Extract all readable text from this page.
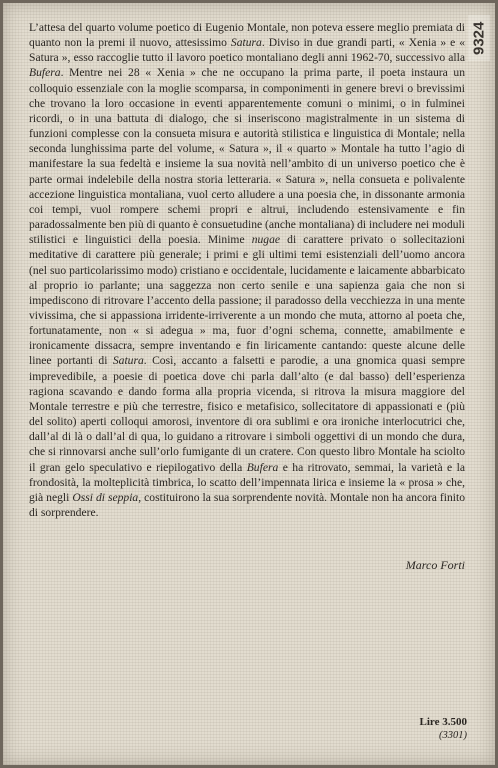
9324

L’attesa del quarto volume poetico di Eugenio Montale, non poteva essere meglio premiata di quanto non la premi il nuovo, attesissimo Satura. Diviso in due grandi parti, « Xenia » e « Satura », esso raccoglie tutto il lavoro poetico montaliano degli anni 1962-70, successivo alla Bufera. Mentre nei 28 « Xenia » che ne occupano la prima parte, il poeta instaura un colloquio essenziale con la moglie scomparsa, in componimenti in genere brevi o brevissimi che trovano la loro occasione in eventi apparentemente comuni o minimi, o in fulminei ricordi, o in una battuta di dialogo, che si inseriscono magistralmente in un sistema di funzioni complesse con la consueta misura e autorità stilistica e linguistica di Montale; nella seconda lunghissima parte del volume, « Satura », il « quarto » Montale ha tutto l’agio di manifestare la sua fedeltà e insieme la sua novità nell’ambito di un universo poetico che è parte ormai indelebile della nostra storia letteraria. « Satura », nella consueta e polivalente accezione linguistica montaliana, vuol certo alludere a una poesia che, in dissonante armonia coi tempi, vuol rompere schemi propri e altrui, includendo estensivamente e fin paradossalmente ben più di quanto è consuetudine (anche montaliana) di includere nei moduli stilistici e linguistici della poesia. Minime nugae di carattere privato o sollecitazioni meditative di carattere più generale; i primi e gli ultimi temi esistenziali dell’uomo ancora (nel suo particolarissimo modo) cristiano e occidentale, lucidamente e laicamente abbarbicato al proprio io parlante; una saggezza non certo senile e una sapienza gaia che non si impediscono di ritrovare l’accento della passione; il paradosso della vecchiezza in una mente vivissima, che si appassiona irridente-irriverente a un mondo che muta, attorno al poeta che, fortunatamente, non « si adegua » ma, fuor d’ogni schema, connette, amabilmente e ironicamente dissacra, sempre inventando e fin liricamente cantando: queste alcune delle linee portanti di Satura. Così, accanto a falsetti e parodie, a una gnomica quasi sempre imprevedibile, a poesie di poetica dove chi parla dall’alto (e dal basso) dell’esperienza ragiona scavando e dando forma alla propria vicenda, si ritrova la misura maggiore del Montale terrestre e più che terrestre, fisico e metafisico, sollecitatore di appassionati e (più del solito) aperti colloqui amorosi, inventore di ora sublimi e ora ironiche interlocutrici che, dall’al di là o dall’al di qua, lo guidano a ritrovare i simboli oggettivi di un mondo che dura, che si rinnovarsi anche sull’orlo fumigante di un cratere. Con questo libro Montale ha sciolto il gran gelo speculativo e riepilogativo della Bufera e ha ritrovato, semmai, la varietà e la frondosità, la molteplicità timbrica, lo scatto dell’impennata lirica e insieme la « prosa » che, già negli Ossi di seppia, costituirono la sua sorprendente novità. Montale non ha ancora finito di sorprendere.

Marco Forti
Lire 3.500
(3301)
